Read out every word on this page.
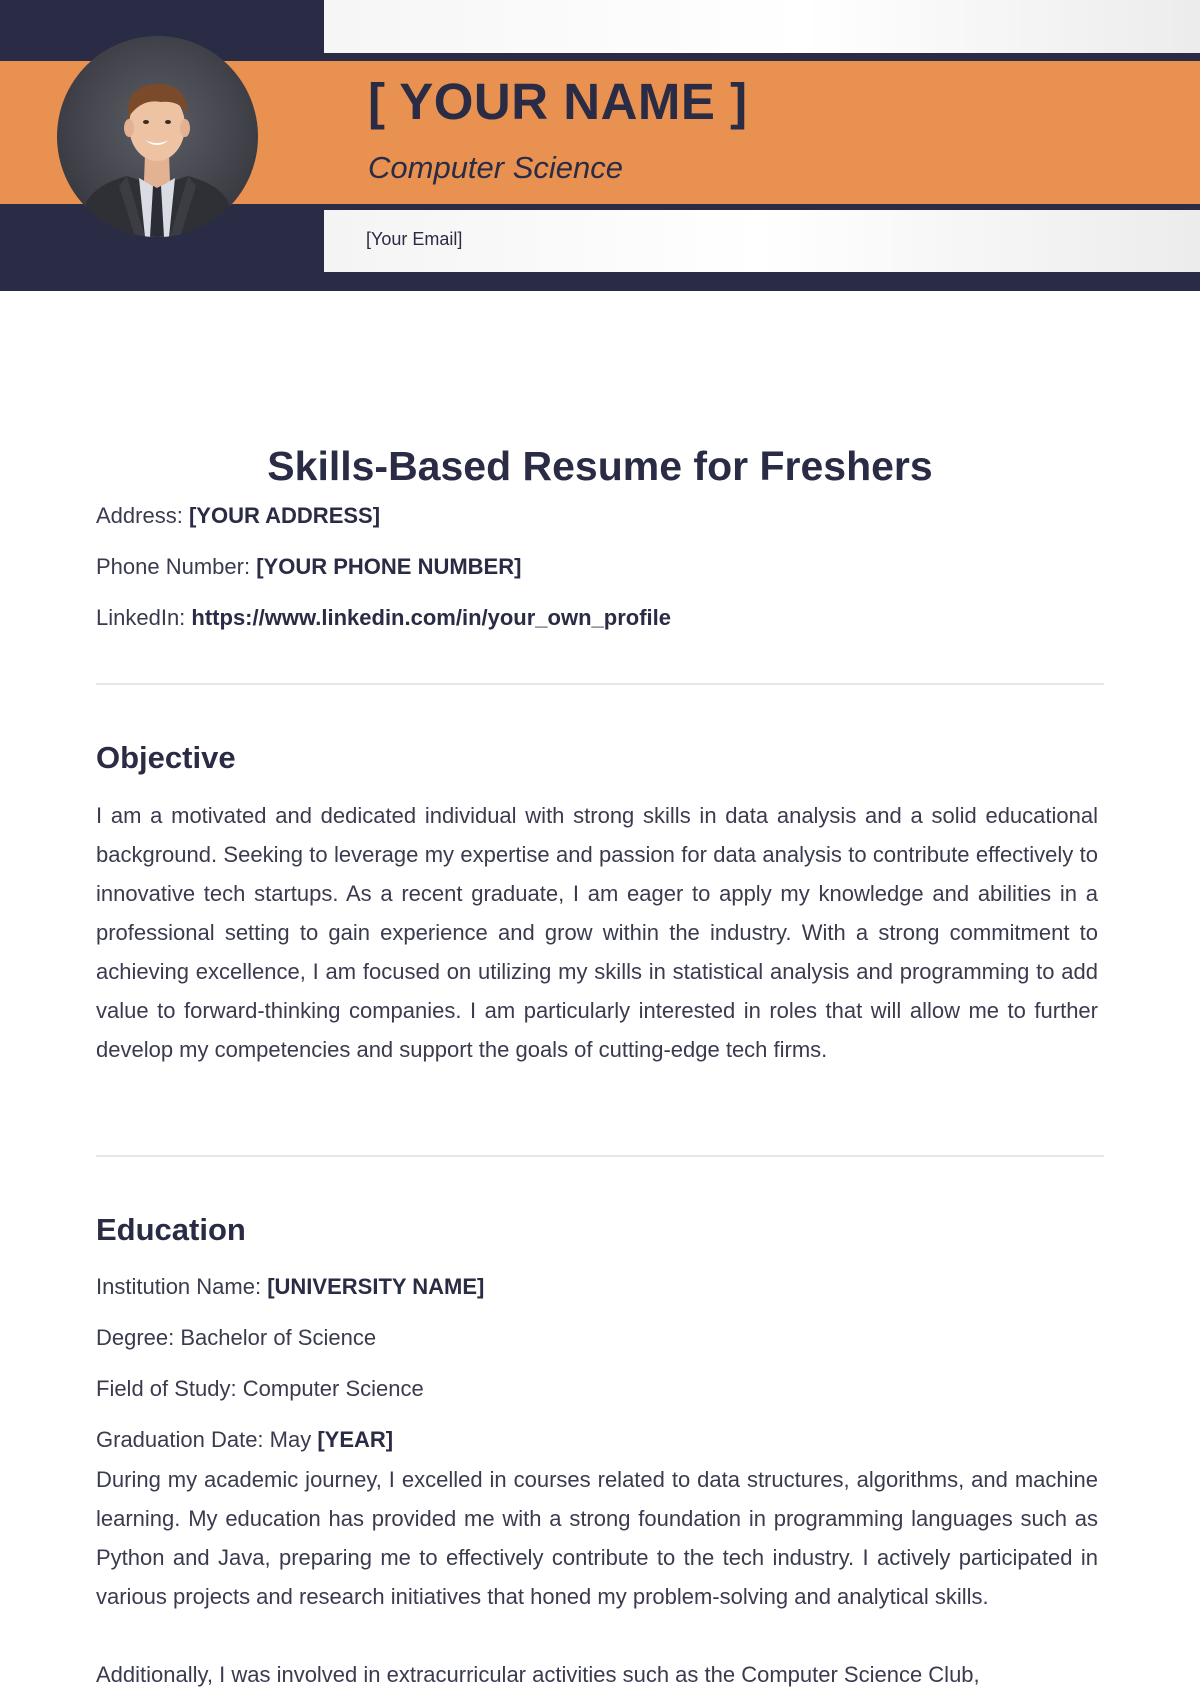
[ YOUR NAME ]
Computer Science
[Your Email]
Skills-Based Resume for Freshers
Address: [YOUR ADDRESS]
Phone Number: [YOUR PHONE NUMBER]
LinkedIn: https://www.linkedin.com/in/your_own_profile
Objective

I am a motivated and dedicated individual with strong skills in data analysis and a solid educational background. Seeking to leverage my expertise and passion for data analysis to contribute effectively to innovative tech startups. As a recent graduate, I am eager to apply my knowledge and abilities in a professional setting to gain experience and grow within the industry. With a strong commitment to achieving excellence, I am focused on utilizing my skills in statistical analysis and programming to add value to forward-thinking companies. I am particularly interested in roles that will allow me to further develop my competencies and support the goals of cutting-edge tech firms.

Education
Institution Name: [UNIVERSITY NAME]
Degree: Bachelor of Science
Field of Study: Computer Science
Graduation Date: May [YEAR]

During my academic journey, I excelled in courses related to data structures, algorithms, and machine learning. My education has provided me with a strong foundation in programming languages such as Python and Java, preparing me to effectively contribute to the tech industry. I actively participated in various projects and research initiatives that honed my problem-solving and analytical skills.

Additionally, I was involved in extracurricular activities such as the Computer Science Club,
